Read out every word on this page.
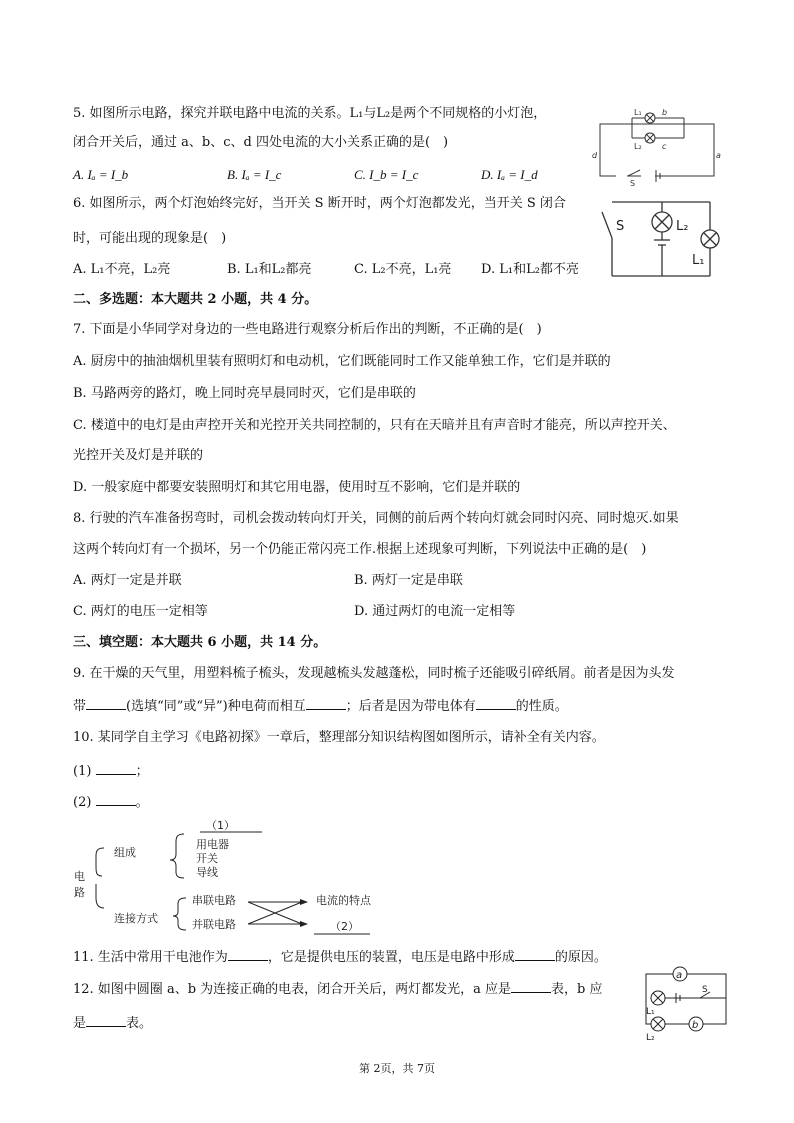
5. 如图所示电路，探究并联电路中电流的关系。L₁与L₂是两个不同规格的小灯泡，
闭合开关后，通过 a、b、c、d 四处电流的大小关系正确的是(　)
A. Iₐ = I_b	B. Iₐ = I_c	C. I_b = I_c	D. Iₐ = I_d
L₁	b
L₂	c
d	a
S
6. 如图所示，两个灯泡始终完好，当开关 S 断开时，两个灯泡都发光，当开关 S 闭合
时，可能出现的现象是(　)
A. L₁不亮，L₂亮	B. L₁和L₂都亮	C. L₂不亮，L₁亮 D. L₁和L₂都不亮
S	L₂
L₁
二、多选题：本大题共 2 小题，共 4 分。
7. 下面是小华同学对身边的一些电路进行观察分析后作出的判断，不正确的是(　)
A. 厨房中的抽油烟机里装有照明灯和电动机，它们既能同时工作又能单独工作，它们是并联的
B. 马路两旁的路灯，晚上同时亮早晨同时灭，它们是串联的
C. 楼道中的电灯是由声控开关和光控开关共同控制的，只有在天暗并且有声音时才能亮，所以声控开关、
光控开关及灯是并联的
D. 一般家庭中都要安装照明灯和其它用电器，使用时互不影响，它们是并联的
8. 行驶的汽车准备拐弯时，司机会拨动转向灯开关，同侧的前后两个转向灯就会同时闪亮、同时熄灭.如果
这两个转向灯有一个损坏，另一个仍能正常闪亮工作.根据上述现象可判断，下列说法中正确的是(　)
A. 两灯一定是并联	B. 两灯一定是串联
C. 两灯的电压一定相等	D. 通过两灯的电流一定相等
三、填空题：本大题共 6 小题，共 14 分。
9. 在干燥的天气里，用塑料梳子梳头，发现越梳头发越蓬松，同时梳子还能吸引碎纸屑。前者是因为头发
带	(选填“同”或“异”)种电荷而相互	；后者是因为带电体有	的性质。
10. 某同学自主学习《电路初探》一章后，整理部分知识结构图如图所示，请补全有关内容。
(1)	；
(2)	。
电
路
组成
（1）
用电器
开关
导线
连接方式
串联电路
并联电路
电流的特点
（2）
11. 生活中常用干电池作为	，它是提供电压的装置，电压是电路中形成	的原因。
12. 如图中圆圈 a、b 为连接正确的电表，闭合开关后，两灯都发光，a 应是	表，b 应
是	表。
a
b
L₁
L₂
S
第 2页，共 7页
